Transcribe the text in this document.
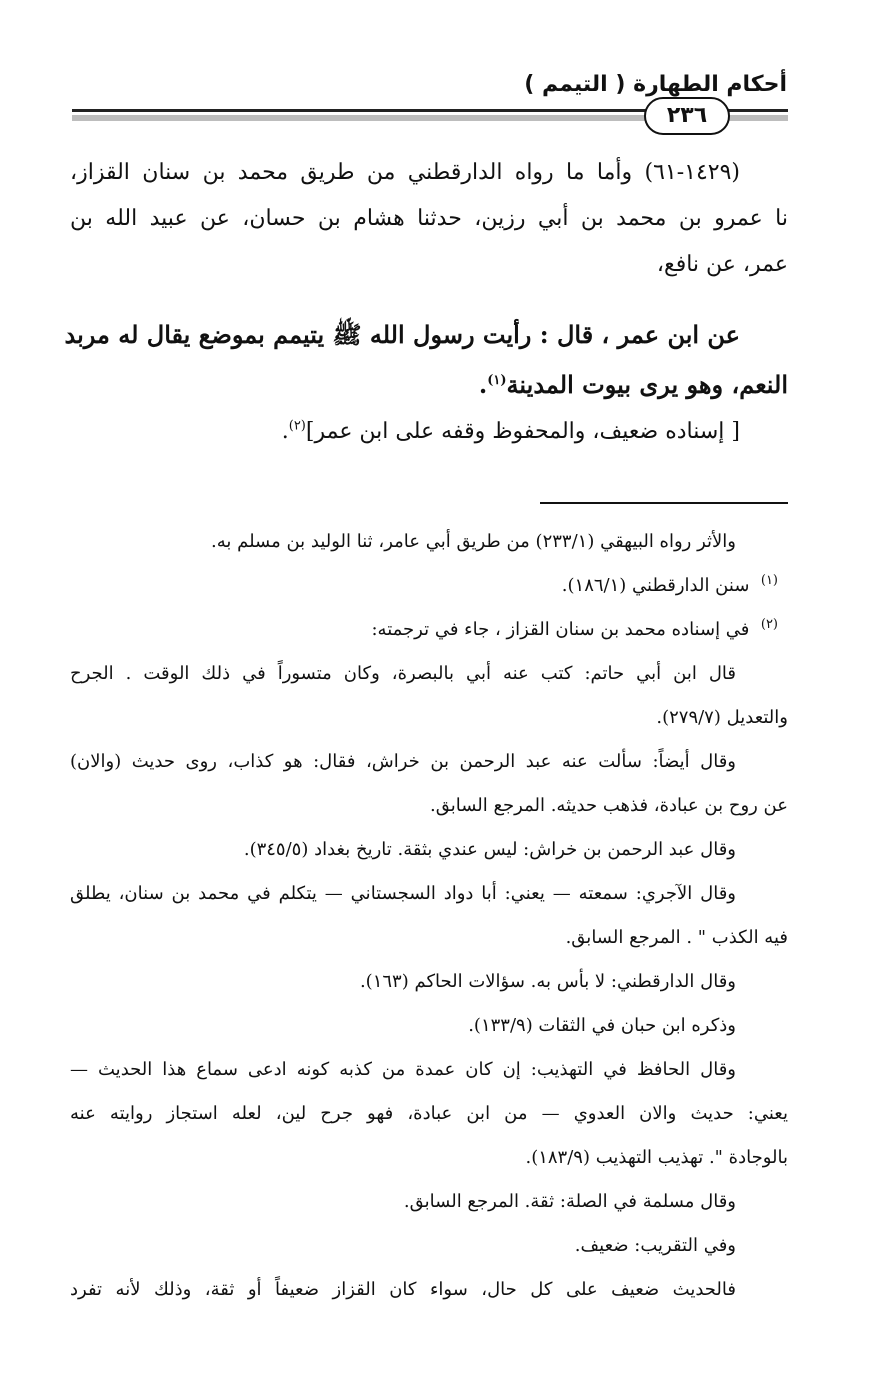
أحكام الطهارة ( التيمم )
٢٣٦

(١٤٢٩-٦١) وأما ما رواه الدارقطني من طريق محمد بن سنان القزاز،

نا عمرو بن محمد بن أبي رزين، حدثنا هشام بن حسان، عن عبيد الله بن

عمر، عن نافع،

عن ابن عمر ، قال : رأيت رسول الله ﷺ يتيمم بموضع يقال له مربد
النعم، وهو يرى بيوت المدينة$^{(١)}$.
[ إسناده ضعيف، والمحفوظ وقفه على ابن عمر]$^{(٢)}$.

والأثر رواه البيهقي (٢٣٣/١) من طريق أبي عامر، ثنا الوليد بن مسلم به.

$^{(١)}$  سنن الدارقطني (١٨٦/١).

$^{(٢)}$  في إسناده محمد بن سنان القزاز ، جاء في ترجمته:

قال ابن أبي حاتم: كتب عنه أبي بالبصرة، وكان متسوراً في ذلك الوقت . الجرح

والتعديل (٢٧٩/٧).

وقال أيضاً: سألت عنه عبد الرحمن بن خراش، فقال: هو كذاب، روى حديث (والان)

عن روح بن عبادة، فذهب حديثه. المرجع السابق.

وقال عبد الرحمن بن خراش: ليس عندي بثقة. تاريخ بغداد (٣٤٥/٥).

وقال الآجري: سمعته — يعني: أبا دواد السجستاني — يتكلم في محمد بن سنان، يطلق

فيه الكذب " . المرجع السابق.

وقال الدارقطني: لا بأس به. سؤالات الحاكم (١٦٣).

وذكره ابن حبان في الثقات (١٣٣/٩).

وقال الحافظ في التهذيب: إن كان عمدة من كذبه كونه ادعى سماع هذا الحديث —

يعني: حديث والان العدوي — من ابن عبادة، فهو جرح لين، لعله استجاز روايته عنه

بالوجادة ". تهذيب التهذيب (١٨٣/٩).

وقال مسلمة في الصلة: ثقة. المرجع السابق.

وفي التقريب: ضعيف.

فالحديث ضعيف على كل حال، سواء كان القزاز ضعيفاً أو ثقة، وذلك لأنه تفرد
